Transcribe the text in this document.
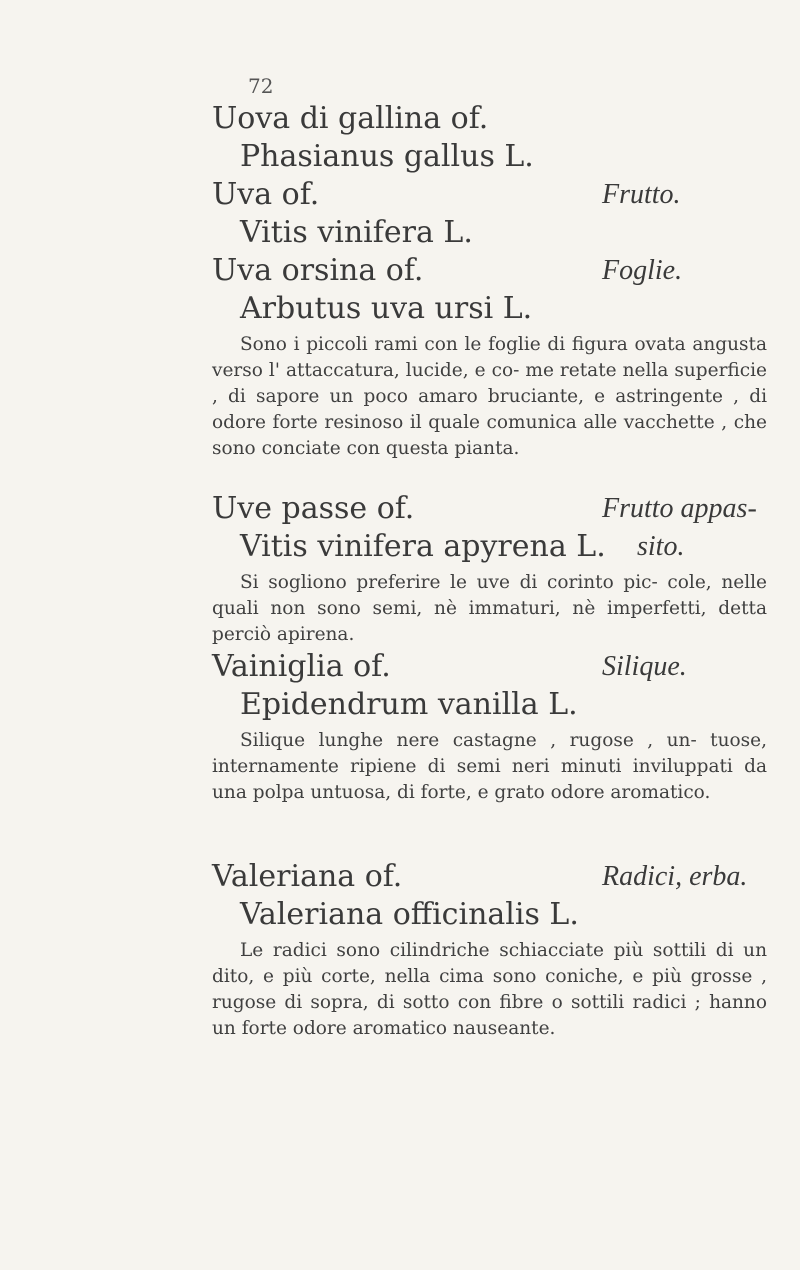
72
Uova di gallina of.
Phasianus gallus L.
Uva of.	Frutto.
Vitis vinifera L.
Uva orsina of.	Foglie.
Arbutus uva ursi L.

Sono i piccoli rami con le foglie di figura ovata angusta verso l' attaccatura, lucide, e co- me retate nella superficie , di sapore un poco amaro bruciante, e astringente , di odore forte resinoso il quale comunica alle vacchette , che sono conciate con questa pianta.

Uve passe of.	Frutto appas-
Vitis vinifera apyrena L.	sito.

Si sogliono preferire le uve di corinto pic- cole, nelle quali non sono semi, nè immaturi, nè imperfetti, detta perciò apirena.

Vainiglia of.	Silique.
Epidendrum vanilla L.

Silique lunghe nere castagne , rugose , un- tuose, internamente ripiene di semi neri minuti inviluppati da una polpa untuosa, di forte, e grato odore aromatico.

Valeriana of.	Radici, erba.
Valeriana officinalis L.

Le radici sono cilindriche schiacciate più sottili di un dito, e più corte, nella cima sono coniche, e più grosse , rugose di sopra, di sotto con fibre o sottili radici ; hanno un forte odore aromatico nauseante.
